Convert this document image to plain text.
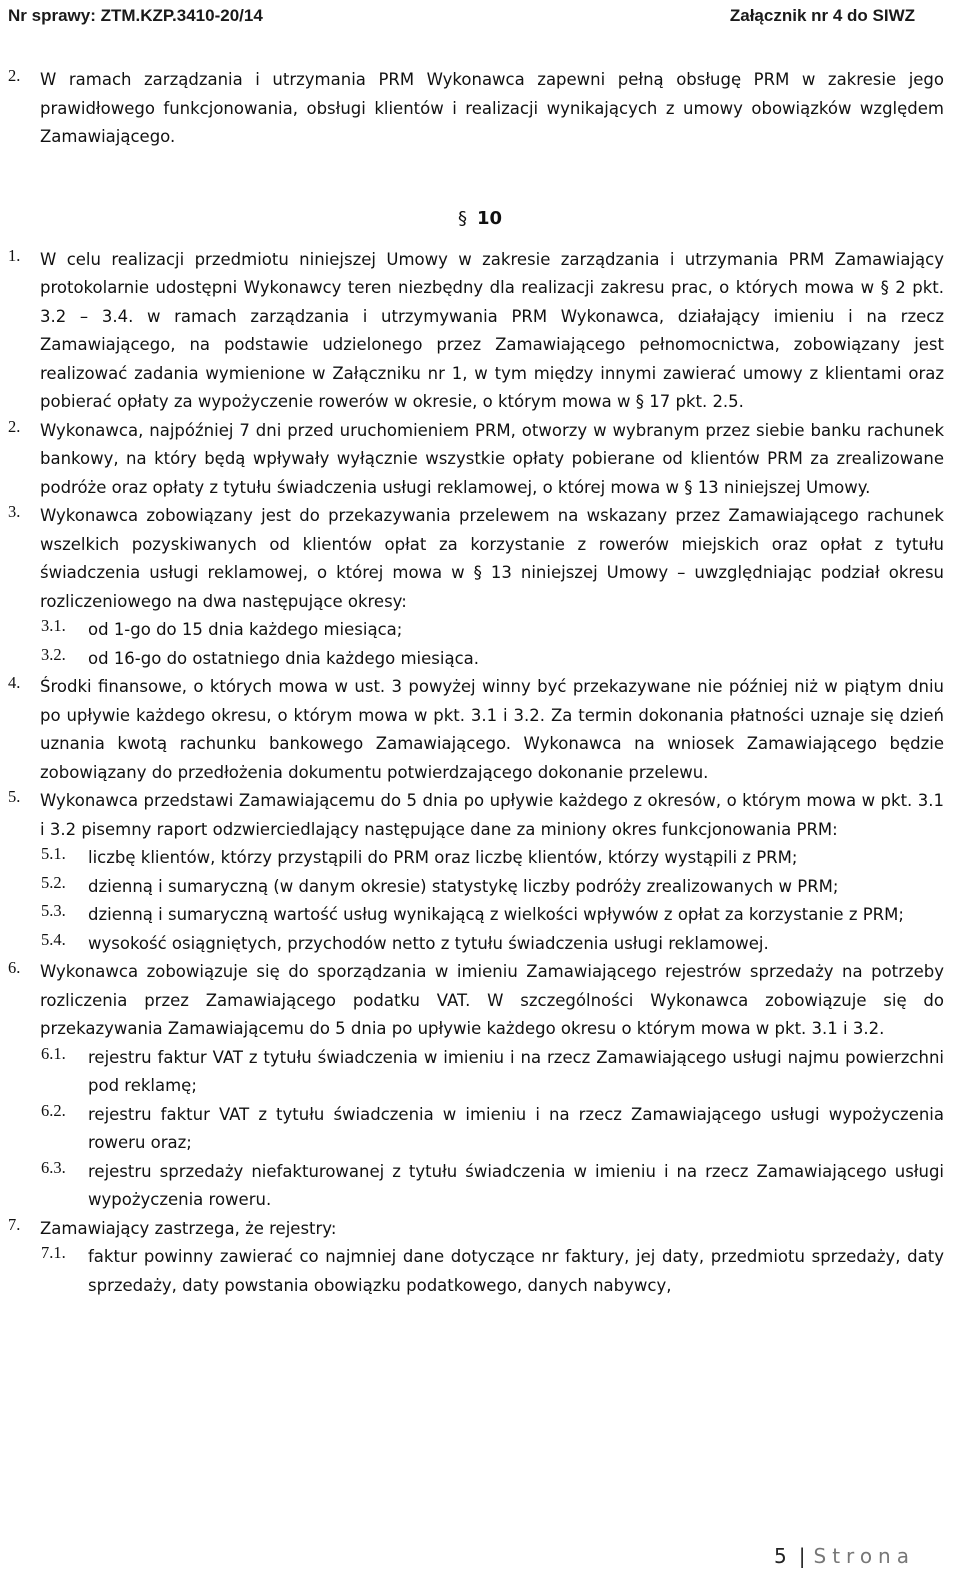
Nr sprawy: ZTM.KZP.3410-20/14	Załącznik nr 4 do SIWZ
2. W ramach zarządzania i utrzymania PRM Wykonawca zapewni pełną obsługę PRM w zakresie jego prawidłowego funkcjonowania, obsługi klientów i realizacji wynikających z umowy obowiązków względem Zamawiającego.
§ 10
1. W celu realizacji przedmiotu niniejszej Umowy w zakresie zarządzania i utrzymania PRM Zamawiający protokolarnie udostępni Wykonawcy teren niezbędny dla realizacji zakresu prac, o których mowa w § 2 pkt. 3.2 – 3.4. w ramach zarządzania i utrzymywania PRM Wykonawca, działający imieniu i na rzecz Zamawiającego, na podstawie udzielonego przez Zamawiającego pełnomocnictwa, zobowiązany jest realizować zadania wymienione w Załączniku nr 1, w tym między innymi zawierać umowy z klientami oraz pobierać opłaty za wypożyczenie rowerów w okresie, o którym mowa w § 17 pkt. 2.5.
2. Wykonawca, najpóźniej 7 dni przed uruchomieniem PRM, otworzy w wybranym przez siebie banku rachunek bankowy, na który będą wpływały wyłącznie wszystkie opłaty pobierane od klientów PRM za zrealizowane podróże oraz opłaty z tytułu świadczenia usługi reklamowej, o której mowa w § 13 niniejszej Umowy.
3. Wykonawca zobowiązany jest do przekazywania przelewem na wskazany przez Zamawiającego rachunek wszelkich pozyskiwanych od klientów opłat za korzystanie z rowerów miejskich oraz opłat z tytułu świadczenia usługi reklamowej, o której mowa w § 13 niniejszej Umowy – uwzględniając podział okresu rozliczeniowego na dwa następujące okresy:
3.1. od 1-go do 15 dnia każdego miesiąca;
3.2. od 16-go do ostatniego dnia każdego miesiąca.
4. Środki finansowe, o których mowa w ust. 3 powyżej winny być przekazywane nie później niż w piątym dniu po upływie każdego okresu, o którym mowa w pkt. 3.1 i 3.2. Za termin dokonania płatności uznaje się dzień uznania kwotą rachunku bankowego Zamawiającego. Wykonawca na wniosek Zamawiającego będzie zobowiązany do przedłożenia dokumentu potwierdzającego dokonanie przelewu.
5. Wykonawca przedstawi Zamawiającemu do 5 dnia po upływie każdego z okresów, o którym mowa w pkt. 3.1 i 3.2 pisemny raport odzwierciedlający następujące dane za miniony okres funkcjonowania PRM:
5.1. liczbę klientów, którzy przystąpili do PRM oraz liczbę klientów, którzy wystąpili z PRM;
5.2. dzienną i sumaryczną (w danym okresie) statystykę liczby podróży zrealizowanych w PRM;
5.3. dzienną i sumaryczną wartość usług wynikającą z wielkości wpływów z opłat za korzystanie z PRM;
5.4. wysokość osiągniętych, przychodów netto z tytułu świadczenia usługi reklamowej.
6. Wykonawca zobowiązuje się do sporządzania w imieniu Zamawiającego rejestrów sprzedaży na potrzeby rozliczenia przez Zamawiającego podatku VAT. W szczególności Wykonawca zobowiązuje się do przekazywania Zamawiającemu do 5 dnia po upływie każdego okresu o którym mowa w pkt. 3.1 i 3.2.
6.1. rejestru faktur VAT z tytułu świadczenia w imieniu i na rzecz Zamawiającego usługi najmu powierzchni pod reklamę;
6.2. rejestru faktur VAT z tytułu świadczenia w imieniu i na rzecz Zamawiającego usługi wypożyczenia roweru oraz;
6.3. rejestru sprzedaży niefakturowanej z tytułu świadczenia w imieniu i na rzecz Zamawiającego usługi wypożyczenia roweru.
7. Zamawiający zastrzega, że rejestry:
7.1. faktur powinny zawierać co najmniej dane dotyczące nr faktury, jej daty, przedmiotu sprzedaży, daty sprzedaży, daty powstania obowiązku podatkowego, danych nabywcy,
5 | Strona
